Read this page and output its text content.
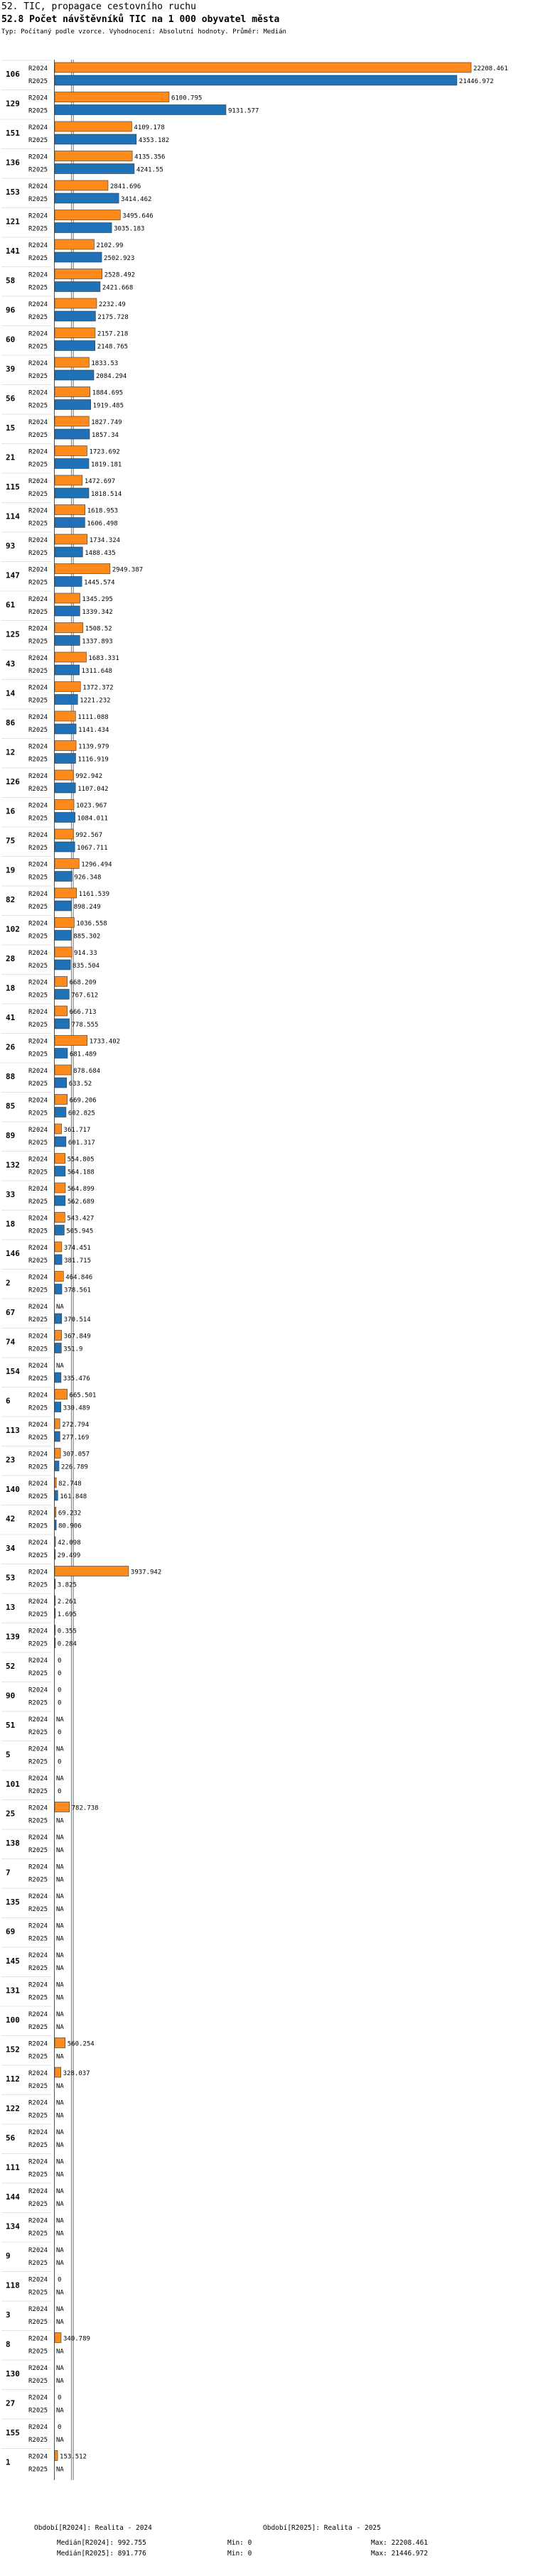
52. TIC, propagace cestovního ruchu
52.8 Počet návštěvníků TIC na 1 000 obyvatel města
Typ: Počítaný podle vzorce. Vyhodnocení: Absolutní hodnoty. Průměr: Medián
106
R2024	22208.461
R2025	21446.972
129
R2024	6100.795
R2025	9131.577
151
R2024	4109.178
R2025	4353.182
136
R2024	4135.356
R2025	4241.55
153
R2024	2841.696
R2025	3414.462
121
R2024	3495.646
R2025	3035.183
141
R2024	2102.99
R2025	2502.923
58
R2024	2528.492
R2025	2421.668
96
R2024	2232.49
R2025	2175.728
60
R2024	2157.218
R2025	2148.765
39
R2024	1833.53
R2025	2084.294
56
R2024	1884.695
R2025	1919.485
15
R2024	1827.749
R2025	1857.34
21
R2024	1723.692
R2025	1819.181
115
R2024	1472.697
R2025	1818.514
114
R2024	1618.953
R2025	1606.498
93
R2024	1734.324
R2025	1488.435
147
R2024	2949.387
R2025	1445.574
61
R2024	1345.295
R2025	1339.342
125
R2024	1508.52
R2025	1337.893
43
R2024	1683.331
R2025	1311.648
14
R2024	1372.372
R2025	1221.232
86
R2024	1111.088
R2025	1141.434
12
R2024	1139.979
R2025	1116.919
126
R2024	992.942
R2025	1107.042
16
R2024	1023.967
R2025	1084.011
75
R2024	992.567
R2025	1067.711
19
R2024	1296.494
R2025	926.348
82
R2024	1161.539
R2025	898.249
102
R2024	1036.558
R2025	885.302
28
R2024	914.33
R2025	835.504
18
R2024	668.209
R2025	767.612
41
R2024	666.713
R2025	778.555
26
R2024	1733.402
R2025	681.489
88
R2024	878.684
R2025	633.52
85
R2024	669.206
R2025	602.825
89
R2024 361.717
R2025	601.317
132
R2024	554.805
R2025	564.188
33
R2024	564.899
R2025	562.689
18
R2024	543.427
R2025	505.945
146
R2024	374.451
R2025	381.715
2
R2024	464.846
R2025	378.561
67
R2024 NA
R2025	370.514
74
R2024	367.849
R2025 351.9
154
R2024 NA
R2025 335.476
6
R2024	665.501
R2025 330.489
113
R2024 272.794
R2025 277.169
23
R2024 307.057
R2025 226.789
140
R2024 82.748
R2025 161.848
42
R2024 69.232
R2025 80.906
34
R2024 42.098
R2025 29.499
53
R2024	3937.942
R2025 3.825
13
R2024 2.261
R2025 1.695
139
R2024 0.355
R2025 0.284
52
R2024 0
R2025 0
90
R2024 0
R2025 0
51
R2024 NA
R2025 0
5
R2024 NA
R2025 0
101
R2024 NA
R2025 0
25
R2024	782.738
R2025 NA
138
R2024 NA
R2025 NA
7
R2024 NA
R2025 NA
135
R2024 NA
R2025 NA
69
R2024 NA
R2025 NA
145
R2024 NA
R2025 NA
131
R2024 NA
R2025 NA
100
R2024 NA
R2025 NA
152
R2024	560.254
R2025 NA
112
R2024 328.037
R2025 NA
122
R2024 NA
R2025 NA
56
R2024 NA
R2025 NA
111
R2024 NA
R2025 NA
144
R2024 NA
R2025 NA
134
R2024 NA
R2025 NA
9
R2024 NA
R2025 NA
118
R2024 0
R2025 NA
3
R2024 NA
R2025 NA
8
R2024 340.789
R2025 NA
130
R2024 NA
R2025 NA
27
R2024 0
R2025 NA
155
R2024 0
R2025 NA
1
R2024 153.512
R2025 NA
Období[R2024]: Realita - 2024	Období[R2025]: Realita - 2025
Medián[R2024]: 992.755	Min: 0	Max: 22208.461
Medián[R2025]: 891.776	Min: 0	Max: 21446.972
